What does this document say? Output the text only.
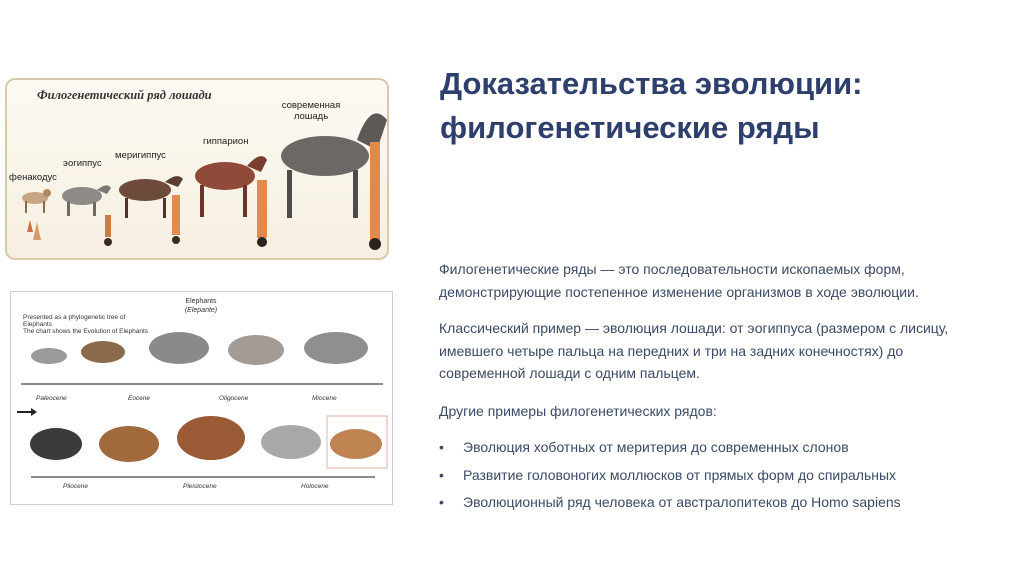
Филогенетический ряд лошади
фенакодус
эогиппус
меригиппус
гиппарион
современная
лошадь
Elephants
(Elepante)
Presented as a phylogenetic tree of Elephants
The chart shows the Evolution of Elephants
Paleocene	Eocene	Oligocene	Miocene
Pliocene	Pleistocene	Holocene
Доказательства эволюции:
филогенетические ряды

Филогенетические ряды — это последовательности ископаемых форм, демонстрирующие постепенное изменение организмов в ходе эволюции.

Классический пример — эволюция лошади: от эогиппуса (размером с лисицу, имевшего четыре пальца на передних и три на задних конечностях) до современной лошади с одним пальцем.

Другие примеры филогенетических рядов:

• Эволюция хоботных от меритерия до современных слонов
• Развитие головоногих моллюсков от прямых форм до спиральных
• Эволюционный ряд человека от австралопитеков до Homo sapiens
